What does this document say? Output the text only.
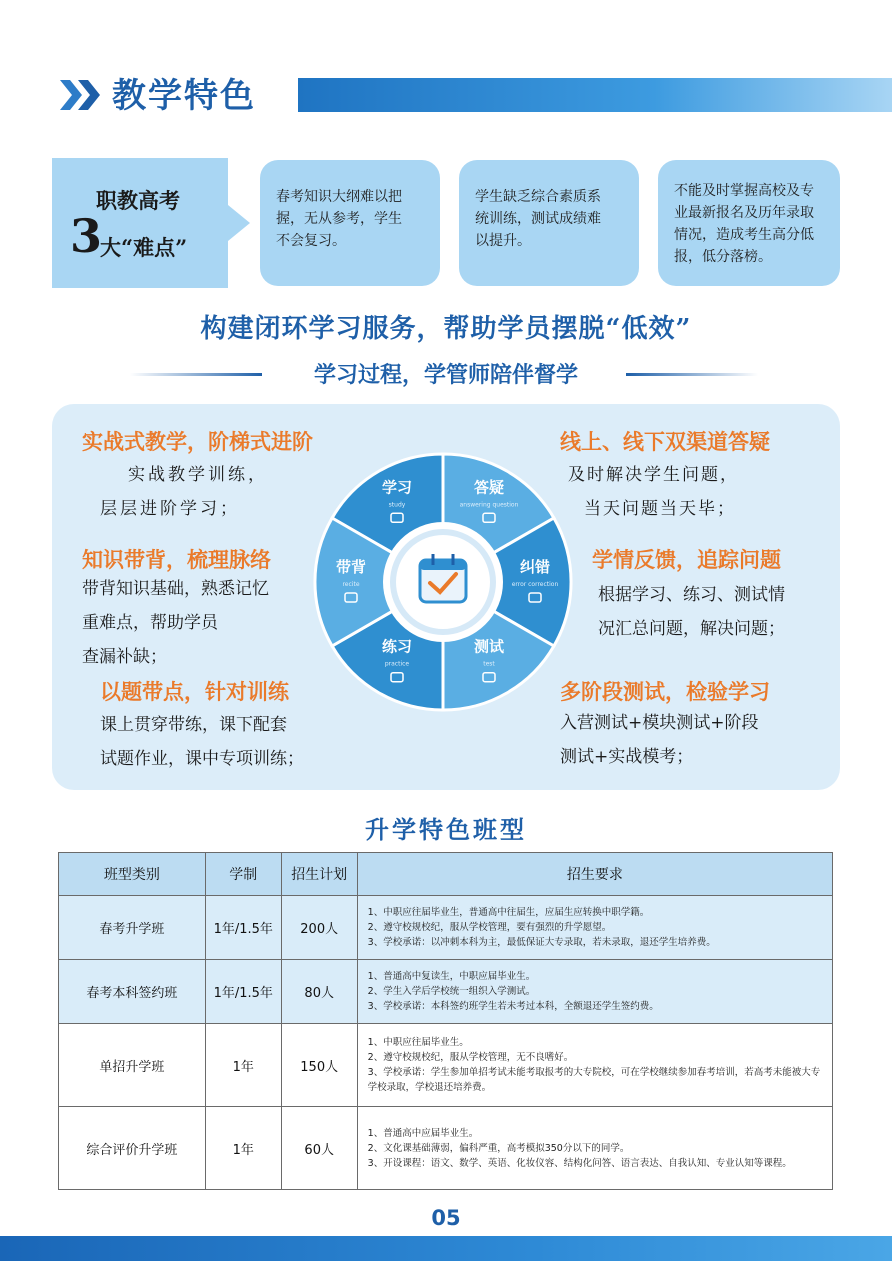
教学特色
职教高考
3
大“难点”
春考知识大纲难以把
握，无从参考，学生
不会复习。
学生缺乏综合素质系
统训练，测试成绩难
以提升。
不能及时掌握高校及专
业最新报名及历年录取
情况，造成考生高分低
报，低分落榜。
构建闭环学习服务，帮助学员摆脱“低效”
学习过程，学管师陪伴督学
实战式教学，阶梯式进阶
实战教学训练，
层层进阶学习；
知识带背，梳理脉络
带背知识基础，熟悉记忆
重难点，帮助学员
查漏补缺；
以题带点，针对训练
课上贯穿带练，课下配套
试题作业，课中专项训练；
线上、线下双渠道答疑
及时解决学生问题，
当天问题当天毕；
学情反馈，追踪问题
根据学习、练习、测试情
况汇总问题，解决问题；
多阶段测试，检验学习
入营测试+模块测试+阶段
测试+实战模考；
学习
study
答疑
answering question
纠错
error correction
测试
test
练习
practice
带背
recite
升学特色班型
班型类别	学制	招生计划	招生要求
春考升学班	1年/1.5年	200人	1、中职应往届毕业生，普通高中往届生，应届生应转换中职学籍。
2、遵守校规校纪，服从学校管理，要有强烈的升学愿望。
3、学校承诺：以冲刺本科为主，最低保证大专录取，若未录取，退还学生培养费。

春考本科签约班	1年/1.5年	80人	1、普通高中复读生，中职应届毕业生。
2、学生入学后学校统一组织入学测试。
3、学校承诺：本科签约班学生若未考过本科，全额退还学生签约费。

单招升学班	1年	150人	1、中职应往届毕业生。
2、遵守校规校纪，服从学校管理，无不良嗜好。
3、学校承诺：学生参加单招考试未能考取报考的大专院校，可在学校继续参加春考培训，若高考未能被大专学校录取，学校退还培养费。

综合评价升学班	1年	60人	1、普通高中应届毕业生。
2、文化课基础薄弱，偏科严重，高考模拟350分以下的同学。
3、开设课程：语文、数学、英语、化妆仪容、结构化问答、语言表达、自我认知、专业认知等课程。
05
